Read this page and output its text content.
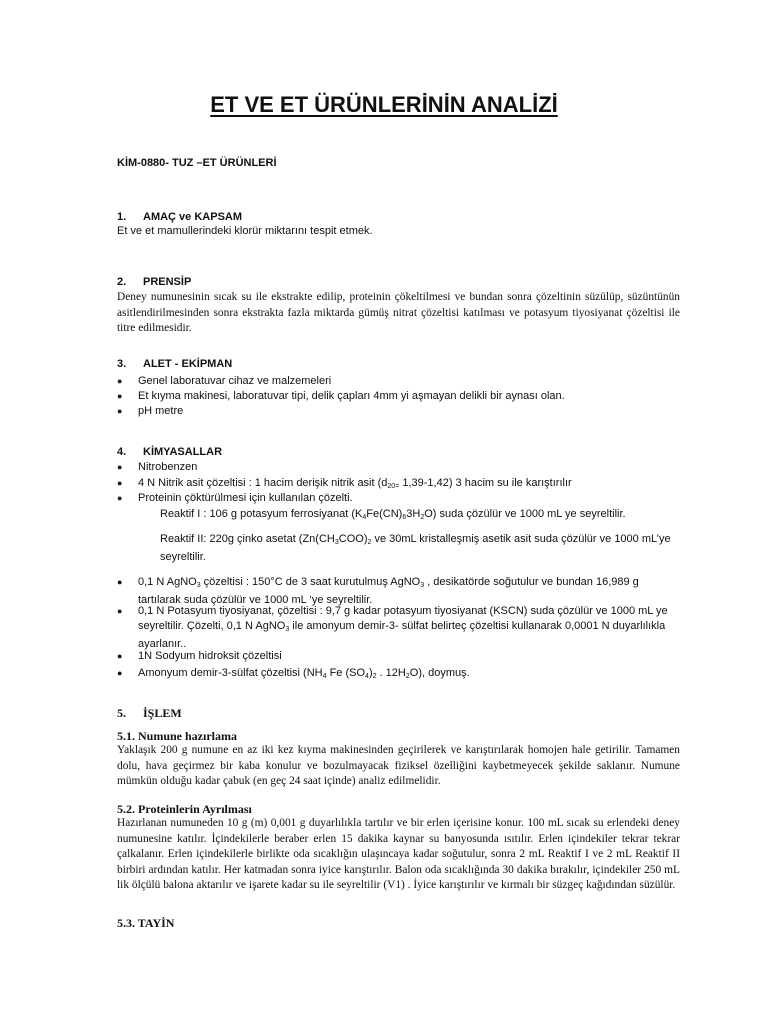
ET VE ET ÜRÜNLERİNİN ANALİZİ
KİM-0880- TUZ –ET ÜRÜNLERİ
1. AMAÇ ve KAPSAM
Et ve et mamullerindeki klorür miktarını tespit etmek.
2. PRENSİP
Deney numunesinin sıcak su ile ekstrakte edilip, proteinin çökeltilmesi ve bundan sonra çözeltinin süzülüp, süzüntünün asitlendirilmesinden sonra ekstrakta fazla miktarda gümüş nitrat çözeltisi katılması ve potasyum tiyosiyanat çözeltisi ile titre edilmesidir.
3. ALET - EKİPMAN
● Genel laboratuvar cihaz ve malzemeleri
● Et kıyma makinesi, laboratuvar tipi, delik çapları 4mm yi aşmayan delikli bir aynası olan.
● pH metre
4. KİMYASALLAR
● Nitrobenzen
● 4 N Nitrik asit çözeltisi : 1 hacim derişik nitrik asit ($d_{20=}$ 1,39-1,42) 3 hacim su ile karıştırılır
● Proteinin çöktürülmesi için kullanılan çözelti.
Reaktif I : 106 g potasyum ferrosiyanat $(K_4Fe(CN)_63H_2O)$ suda çözülür ve 1000 mL ye seyreltilir.
Reaktif II: 220g çinko asetat ($Zn(CH_3COO)_2$ ve 30mL kristalleşmiş asetik asit suda çözülür ve 1000 mL’ye seyreltilir.
● 0,1 N AgNO$_3$ çözeltisi : 150°C de 3 saat kurutulmuş AgNO$_3$ , desikatörde soğutulur ve bundan 16,989 g tartılarak suda çözülür ve 1000 mL ‘ye seyreltilir.
● 0,1 N Potasyum tiyosiyanat, çözeltisi : 9,7 g kadar potasyum tiyosiyanat (KSCN) suda çözülür ve 1000 mL ye seyreltilir. Çözelti, 0,1 N AgNO$_3$ ile amonyum demir-3- sülfat belirteç çözeltisi kullanarak 0,0001 N duyarlılıkla ayarlanır..
● 1N Sodyum hidroksit çözeltisi
● Amonyum demir-3-sülfat çözeltisi ($NH_4$ Fe $(SO_4)_2$ . $12H_2O$), doymuş.
5. İŞLEM
5.1. Numune hazırlama
Yaklaşık 200 g numune en az iki kez kıyma makinesinden geçirilerek ve karıştırılarak homojen hale getirilir. Tamamen dolu, hava geçirmez bir kaba konulur ve bozulmayacak fiziksel özelliğini kaybetmeyecek şekilde saklanır. Numune mümkün olduğu kadar çabuk (en geç 24 saat içinde) analiz edilmelidir.
5.2. Proteinlerin Ayrılması
Hazırlanan numuneden 10 g (m) 0,001 g duyarlılıkla tartılır ve bir erlen içerisine konur. 100 mL sıcak su erlendeki deney numunesine katılır. İçindekilerle beraber erlen 15 dakika kaynar su banyosunda ısıtılır. Erlen içindekiler tekrar tekrar çalkalanır. Erlen içindekilerle birlikte oda sıcaklığın ulaşıncaya kadar soğutulur, sonra 2 mL Reaktif I ve 2 mL Reaktif II birbiri ardından katılır. Her katmadan sonra iyice karıştırılır. Balon oda sıcaklığında 30 dakika bırakılır, içindekiler 250 mL lik ölçülü balona aktarılır ve işarete kadar su ile seyreltilir (V1) . İyice karıştırılır ve kırmalı bir süzgeç kağıdından süzülür.
5.3. TAYİN
